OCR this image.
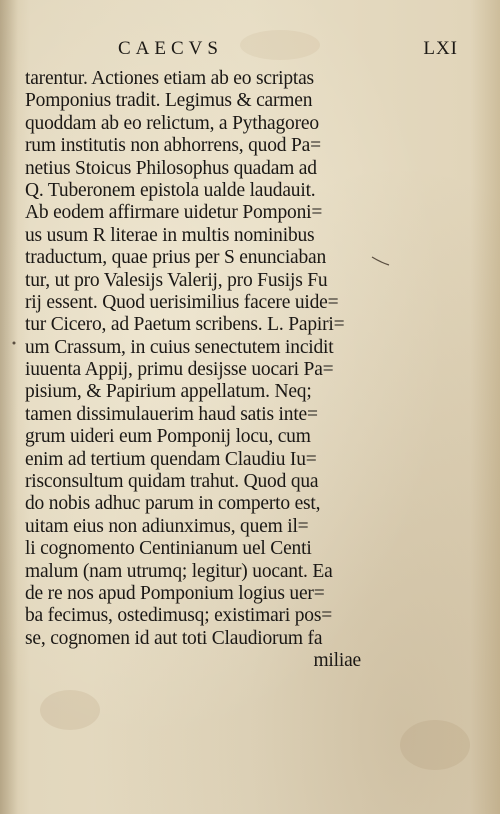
CAECVS	LXI
tarentur. Actiones etiam ab eo scriptas
Pomponius tradit. Legimus & carmen
quoddam ab eo relictum, a Pythagoreo
rum institutis non abhorrens, quod Pa=
netius Stoicus Philosophus quadam ad
Q. Tuberonem epistola ualde laudauit.
Ab eodem affirmare uidetur Pomponi=
us usum R literae in multis nominibus
traductum, quae prius per S enunciaban
tur, ut pro Valesijs Valerij, pro Fusijs Fu
rij essent. Quod uerisimilius facere uide=
tur Cicero, ad Paetum scribens. L. Papiri=
um Crassum, in cuius senectutem incidit
iuuenta Appij, primu desijsse uocari Pa=
pisium, & Papirium appellatum. Neq;
tamen dissimulauerim haud satis inte=
grum uideri eum Pomponij locu, cum
enim ad tertium quendam Claudiu Iu=
risconsultum quidam trahut. Quod qua
do nobis adhuc parum in comperto est,
uitam eius non adiunximus, quem il=
li cognomento Centinianum uel Centi
malum (nam utrumq; legitur) uocant. Ea
de re nos apud Pomponium logius uer=
ba fecimus, ostedimusq; existimari pos=
se, cognomen id aut toti Claudiorum fa
miliae
